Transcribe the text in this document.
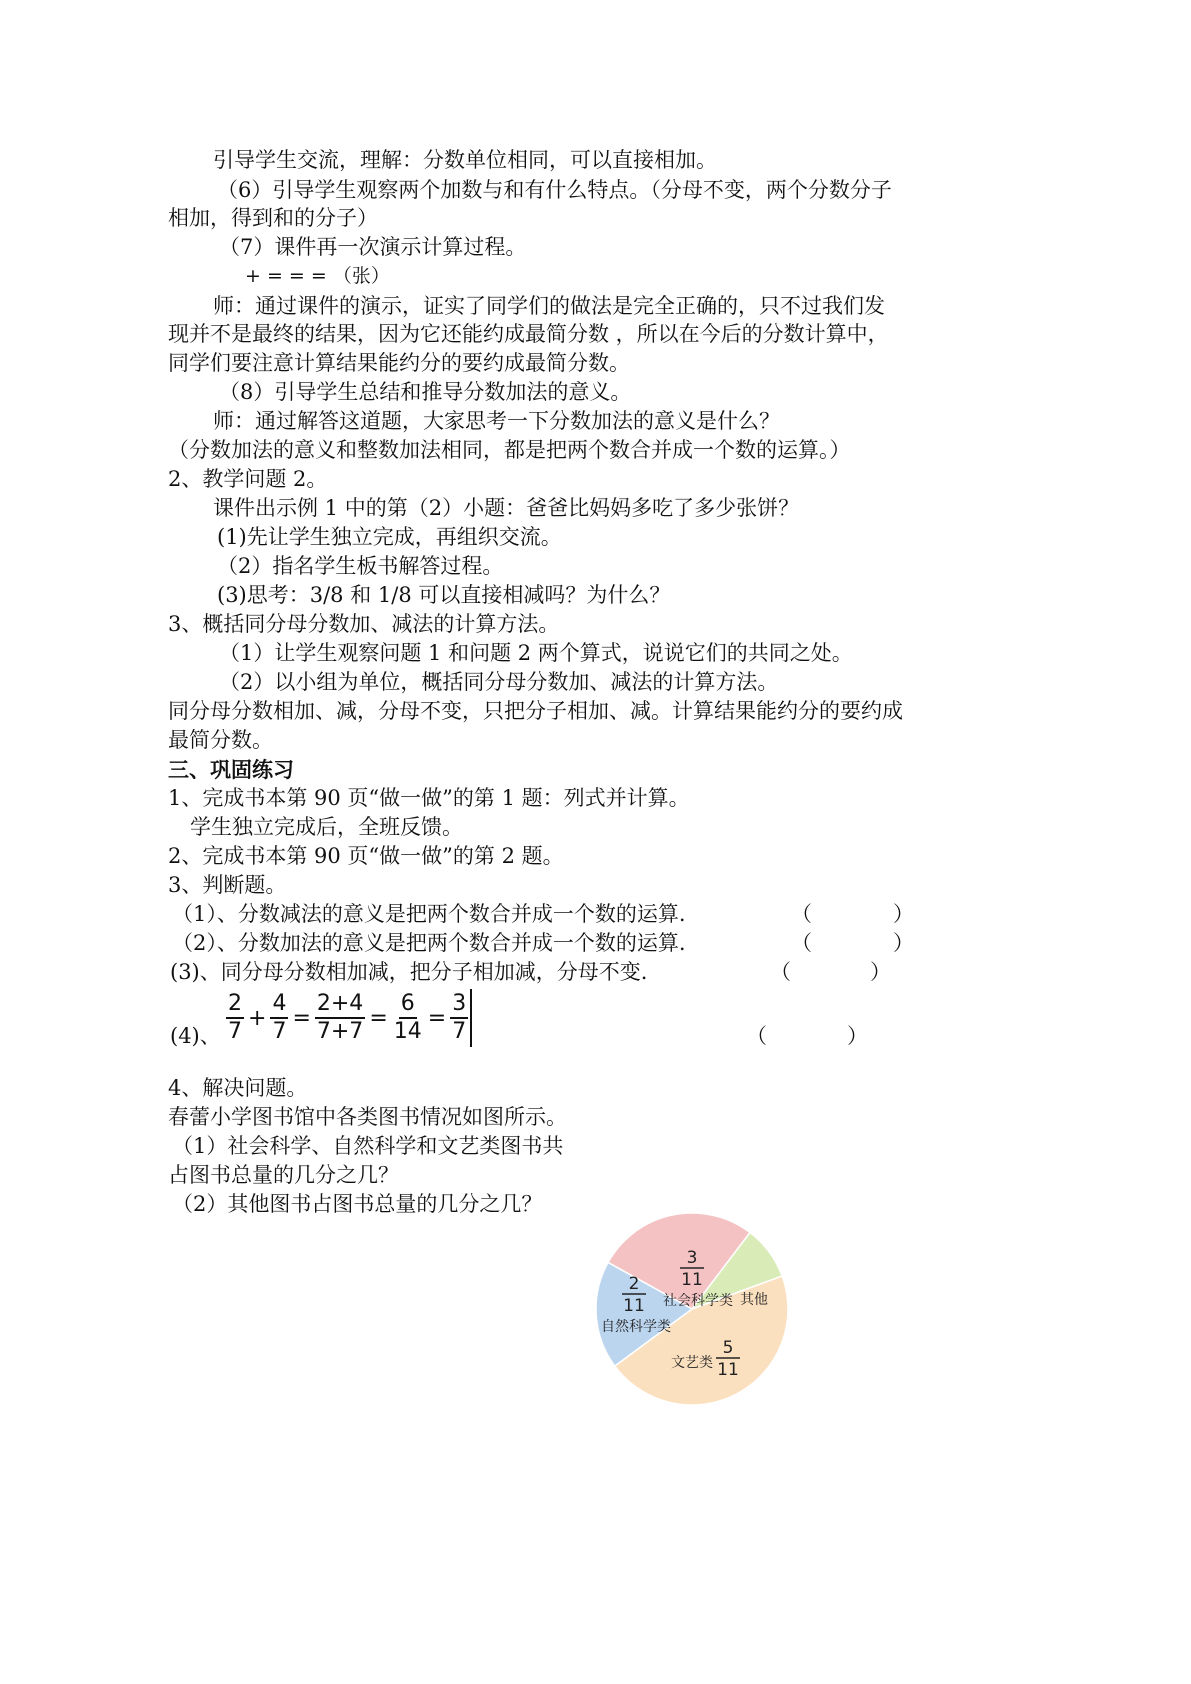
引导学生交流，理解：分数单位相同，可以直接相加。
（6）引导学生观察两个加数与和有什么特点。（分母不变，两个分数分子
相加，得到和的分子）
（7）课件再一次演示计算过程。
+ = = = （张）
师：通过课件的演示，证实了同学们的做法是完全正确的，只不过我们发
现并不是最终的结果，因为它还能约成最简分数 ，所以在今后的分数计算中，
同学们要注意计算结果能约分的要约成最简分数。
（8）引导学生总结和推导分数加法的意义。
师：通过解答这道题，大家思考一下分数加法的意义是什么？
（分数加法的意义和整数加法相同，都是把两个数合并成一个数的运算。）
2、教学问题 2。
课件出示例 1 中的第（2）小题：爸爸比妈妈多吃了多少张饼？
(1)先让学生独立完成，再组织交流。
（2）指名学生板书解答过程。
(3)思考：3/8 和 1/8 可以直接相减吗？为什么？
3、概括同分母分数加、减法的计算方法。
（1）让学生观察问题 1 和问题 2 两个算式，说说它们的共同之处。
（2）以小组为单位，概括同分母分数加、减法的计算方法。
同分母分数相加、减，分母不变，只把分子相加、减。计算结果能约分的要约成
最简分数。
三、巩固练习
1、完成书本第 90 页“做一做”的第 1 题：列式并计算。
学生独立完成后，全班反馈。
2、完成书本第 90 页“做一做”的第 2 题。
3、判断题。
（1）、分数减法的意义是把两个数合并成一个数的运算.	（	）
（2）、分数加法的意义是把两个数合并成一个数的运算.	（	）
(3)、同分母分数相加减，把分子相加减，分母不变.	（	）
(4)、 $\frac{2}{7} + \frac{4}{7} = \frac{2+4}{7+7} = \frac{6}{14} = \frac{3}{7}$	（	）
4、解决问题。
春蕾小学图书馆中各类图书情况如图所示。
（1）社会科学、自然科学和文艺类图书共
占图书总量的几分之几？
（2）其他图书占图书总量的几分之几？
3
11
社会科学类 其他
5
11
文艺类
2
11
自然科学类
